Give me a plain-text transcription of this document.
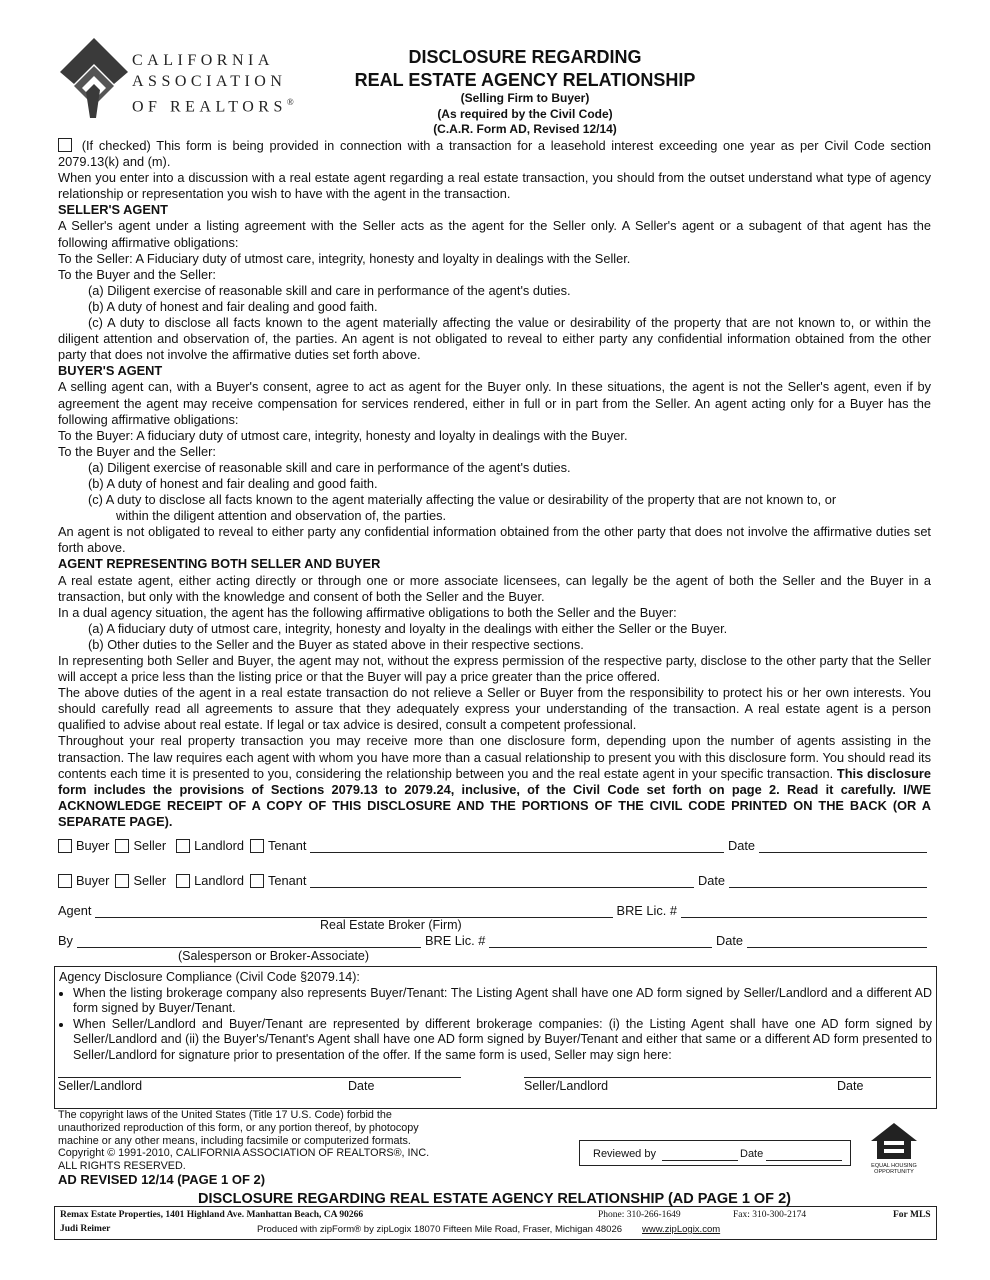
CALIFORNIA
ASSOCIATION
OF REALTORS®
DISCLOSURE REGARDING
REAL ESTATE AGENCY RELATIONSHIP
(Selling Firm to Buyer)
(As required by the Civil Code)
(C.A.R. Form AD, Revised 12/14)

(If checked) This form is being provided in connection with a transaction for a leasehold interest exceeding one year as per Civil Code section 2079.13(k) and (m).

When you enter into a discussion with a real estate agent regarding a real estate transaction, you should from the outset understand what type of agency relationship or representation you wish to have with the agent in the transaction.

SELLER'S AGENT

A Seller's agent under a listing agreement with the Seller acts as the agent for the Seller only. A Seller's agent or a subagent of that agent has the following affirmative obligations:

To the Seller: A Fiduciary duty of utmost care, integrity, honesty and loyalty in dealings with the Seller.

To the Buyer and the Seller:

(a) Diligent exercise of reasonable skill and care in performance of the agent's duties.

(b) A duty of honest and fair dealing and good faith.

(c) A duty to disclose all facts known to the agent materially affecting the value or desirability of the property that are not known to, or within the diligent attention and observation of, the parties. An agent is not obligated to reveal to either party any confidential information obtained from the other party that does not involve the affirmative duties set forth above.

BUYER'S AGENT

A selling agent can, with a Buyer's consent, agree to act as agent for the Buyer only. In these situations, the agent is not the Seller's agent, even if by agreement the agent may receive compensation for services rendered, either in full or in part from the Seller. An agent acting only for a Buyer has the following affirmative obligations:

To the Buyer: A fiduciary duty of utmost care, integrity, honesty and loyalty in dealings with the Buyer.

To the Buyer and the Seller:

(a) Diligent exercise of reasonable skill and care in performance of the agent's duties.

(b) A duty of honest and fair dealing and good faith.

(c) A duty to disclose all facts known to the agent materially affecting the value or desirability of the property that are not known to, or

within the diligent attention and observation of, the parties.

An agent is not obligated to reveal to either party any confidential information obtained from the other party that does not involve the affirmative duties set forth above.

AGENT REPRESENTING BOTH SELLER AND BUYER

A real estate agent, either acting directly or through one or more associate licensees, can legally be the agent of both the Seller and the Buyer in a transaction, but only with the knowledge and consent of both the Seller and the Buyer.

In a dual agency situation, the agent has the following affirmative obligations to both the Seller and the Buyer:

(a) A fiduciary duty of utmost care, integrity, honesty and loyalty in the dealings with either the Seller or the Buyer.

(b) Other duties to the Seller and the Buyer as stated above in their respective sections.

In representing both Seller and Buyer, the agent may not, without the express permission of the respective party, disclose to the other party that the Seller will accept a price less than the listing price or that the Buyer will pay a price greater than the price offered.

The above duties of the agent in a real estate transaction do not relieve a Seller or Buyer from the responsibility to protect his or her own interests. You should carefully read all agreements to assure that they adequately express your understanding of the transaction. A real estate agent is a person qualified to advise about real estate. If legal or tax advice is desired, consult a competent professional.

Throughout your real property transaction you may receive more than one disclosure form, depending upon the number of agents assisting in the transaction. The law requires each agent with whom you have more than a casual relationship to present you with this disclosure form. You should read its contents each time it is presented to you, considering the relationship between you and the real estate agent in your specific transaction. This disclosure form includes the provisions of Sections 2079.13 to 2079.24, inclusive, of the Civil Code set forth on page 2. Read it carefully. I/WE ACKNOWLEDGE RECEIPT OF A COPY OF THIS DISCLOSURE AND THE PORTIONS OF THE CIVIL CODE PRINTED ON THE BACK (OR A SEPARATE PAGE).

Buyer Seller Landlord Tenant	Date
Buyer Seller Landlord Tenant	Date
Agent	BRE Lic. #
Real Estate Broker (Firm)
By	BRE Lic. #	Date
(Salesperson or Broker-Associate)
Agency Disclosure Compliance (Civil Code §2079.14):
• When the listing brokerage company also represents Buyer/Tenant: The Listing Agent shall have one AD form signed by Seller/Landlord and a different AD form signed by Buyer/Tenant.
• When Seller/Landlord and Buyer/Tenant are represented by different brokerage companies: (i) the Listing Agent shall have one AD form signed by Seller/Landlord and (ii) the Buyer's/Tenant's Agent shall have one AD form signed by Buyer/Tenant and either that same or a different AD form presented to Seller/Landlord for signature prior to presentation of the offer. If the same form is used, Seller may sign here:
Seller/Landlord	Date	Seller/Landlord	Date
The copyright laws of the United States (Title 17 U.S. Code) forbid the
unauthorized reproduction of this form, or any portion thereof, by photocopy
machine or any other means, including facsimile or computerized formats.
Copyright © 1991-2010, CALIFORNIA ASSOCIATION OF REALTORS®, INC.
ALL RIGHTS RESERVED.
Reviewed by	Date
EQUAL HOUSING
OPPORTUNITY
AD REVISED 12/14 (PAGE 1 OF 2)
DISCLOSURE REGARDING REAL ESTATE AGENCY RELATIONSHIP (AD PAGE 1 OF 2)
Remax Estate Properties, 1401 Highland Ave. Manhattan Beach, CA 90266	Phone: 310-266-1649	Fax: 310-300-2174	For MLS
Judi Reimer	Produced with zipForm® by zipLogix 18070 Fifteen Mile Road, Fraser, Michigan 48026 www.zipLogix.com
